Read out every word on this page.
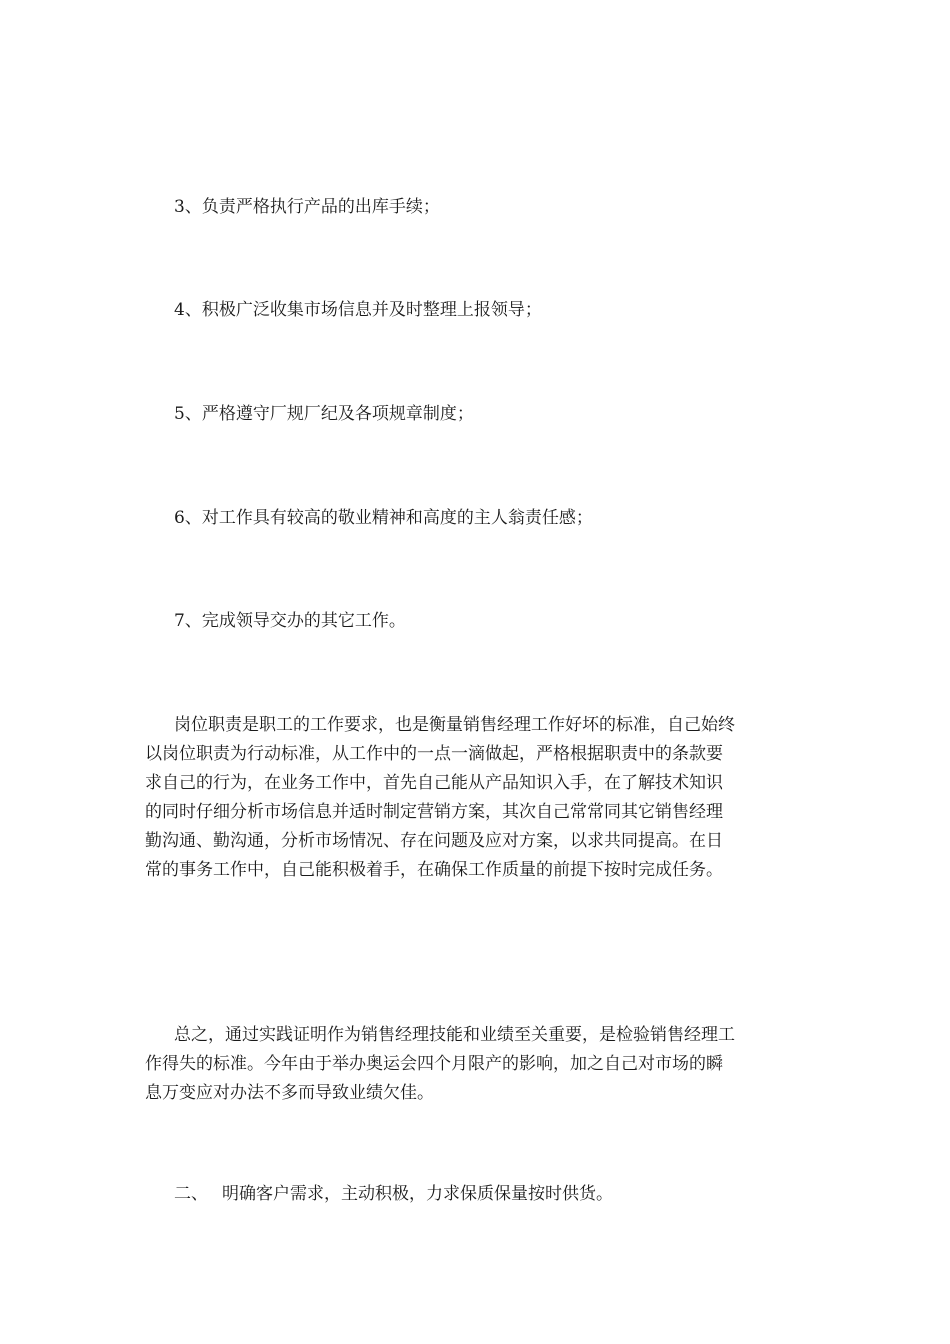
3、负责严格执行产品的出库手续；

4、积极广泛收集市场信息并及时整理上报领导；

5、严格遵守厂规厂纪及各项规章制度；

6、对工作具有较高的敬业精神和高度的主人翁责任感；

7、完成领导交办的其它工作。

岗位职责是职工的工作要求，也是衡量销售经理工作好坏的标准，自己始终
以岗位职责为行动标准，从工作中的一点一滴做起，严格根据职责中的条款要
求自己的行为，在业务工作中，首先自己能从产品知识入手，在了解技术知识
的同时仔细分析市场信息并适时制定营销方案，其次自己常常同其它销售经理
勤沟通、勤沟通，分析市场情况、存在问题及应对方案，以求共同提高。在日
常的事务工作中，自己能积极着手，在确保工作质量的前提下按时完成任务。
总之，通过实践证明作为销售经理技能和业绩至关重要，是检验销售经理工
作得失的标准。今年由于举办奥运会四个月限产的影响，加之自己对市场的瞬
息万变应对办法不多而导致业绩欠佳。

二、 明确客户需求，主动积极，力求保质保量按时供货。
